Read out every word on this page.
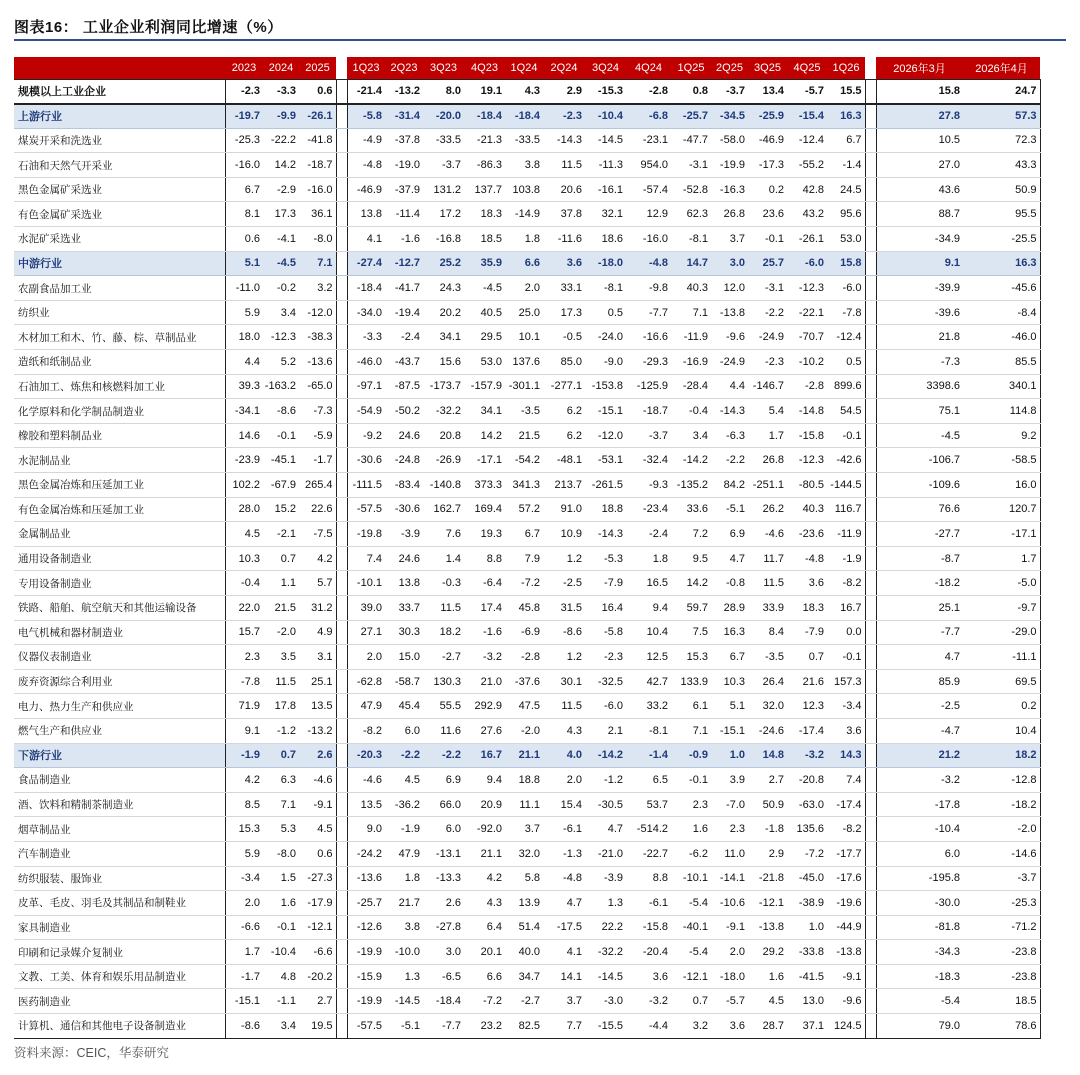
图表16： 工业企业利润同比增速（%）
	2023	2024	2025		1Q23	2Q23	3Q23	4Q23	1Q24	2Q24	3Q24	4Q24	1Q25	2Q25	3Q25	4Q25	1Q26		2026年3月	2026年4月
规模以上工业企业	-2.3	-3.3	0.6		-21.4	-13.2	8.0	19.1	4.3	2.9	-15.3	-2.8	0.8	-3.7	13.4	-5.7	15.5		15.8	24.7
上游行业	-19.7	-9.9	-26.1		-5.8	-31.4	-20.0	-18.4	-18.4	-2.3	-10.4	-6.8	-25.7	-34.5	-25.9	-15.4	16.3		27.8	57.3
煤炭开采和洗选业	-25.3	-22.2	-41.8		-4.9	-37.8	-33.5	-21.3	-33.5	-14.3	-14.5	-23.1	-47.7	-58.0	-46.9	-12.4	6.7		10.5	72.3
石油和天然气开采业	-16.0	14.2	-18.7		-4.8	-19.0	-3.7	-86.3	3.8	11.5	-11.3	954.0	-3.1	-19.9	-17.3	-55.2	-1.4		27.0	43.3
黑色金属矿采选业	6.7	-2.9	-16.0		-46.9	-37.9	131.2	137.7	103.8	20.6	-16.1	-57.4	-52.8	-16.3	0.2	42.8	24.5		43.6	50.9
有色金属矿采选业	8.1	17.3	36.1		13.8	-11.4	17.2	18.3	-14.9	37.8	32.1	12.9	62.3	26.8	23.6	43.2	95.6		88.7	95.5
水泥矿采选业	0.6	-4.1	-8.0		4.1	-1.6	-16.8	18.5	1.8	-11.6	18.6	-16.0	-8.1	3.7	-0.1	-26.1	53.0		-34.9	-25.5
中游行业	5.1	-4.5	7.1		-27.4	-12.7	25.2	35.9	6.6	3.6	-18.0	-4.8	14.7	3.0	25.7	-6.0	15.8		9.1	16.3
农副食品加工业	-11.0	-0.2	3.2		-18.4	-41.7	24.3	-4.5	2.0	33.1	-8.1	-9.8	40.3	12.0	-3.1	-12.3	-6.0		-39.9	-45.6
纺织业	5.9	3.4	-12.0		-34.0	-19.4	20.2	40.5	25.0	17.3	0.5	-7.7	7.1	-13.8	-2.2	-22.1	-7.8		-39.6	-8.4
木材加工和木、竹、藤、棕、草制品业	18.0	-12.3	-38.3		-3.3	-2.4	34.1	29.5	10.1	-0.5	-24.0	-16.6	-11.9	-9.6	-24.9	-70.7	-12.4		21.8	-46.0
造纸和纸制品业	4.4	5.2	-13.6		-46.0	-43.7	15.6	53.0	137.6	85.0	-9.0	-29.3	-16.9	-24.9	-2.3	-10.2	0.5		-7.3	85.5
石油加工、炼焦和核燃料加工业	39.3	-163.2	-65.0		-97.1	-87.5	-173.7	-157.9	-301.1	-277.1	-153.8	-125.9	-28.4	4.4	-146.7	-2.8	899.6		3398.6	340.1
化学原料和化学制品制造业	-34.1	-8.6	-7.3		-54.9	-50.2	-32.2	34.1	-3.5	6.2	-15.1	-18.7	-0.4	-14.3	5.4	-14.8	54.5		75.1	114.8
橡胶和塑料制品业	14.6	-0.1	-5.9		-9.2	24.6	20.8	14.2	21.5	6.2	-12.0	-3.7	3.4	-6.3	1.7	-15.8	-0.1		-4.5	9.2
水泥制品业	-23.9	-45.1	-1.7		-30.6	-24.8	-26.9	-17.1	-54.2	-48.1	-53.1	-32.4	-14.2	-2.2	26.8	-12.3	-42.6		-106.7	-58.5
黑色金属冶炼和压延加工业	102.2	-67.9	265.4		-111.5	-83.4	-140.8	373.3	341.3	213.7	-261.5	-9.3	-135.2	84.2	-251.1	-80.5	-144.5		-109.6	16.0
有色金属冶炼和压延加工业	28.0	15.2	22.6		-57.5	-30.6	162.7	169.4	57.2	91.0	18.8	-23.4	33.6	-5.1	26.2	40.3	116.7		76.6	120.7
金属制品业	4.5	-2.1	-7.5		-19.8	-3.9	7.6	19.3	6.7	10.9	-14.3	-2.4	7.2	6.9	-4.6	-23.6	-11.9		-27.7	-17.1
通用设备制造业	10.3	0.7	4.2		7.4	24.6	1.4	8.8	7.9	1.2	-5.3	1.8	9.5	4.7	11.7	-4.8	-1.9		-8.7	1.7
专用设备制造业	-0.4	1.1	5.7		-10.1	13.8	-0.3	-6.4	-7.2	-2.5	-7.9	16.5	14.2	-0.8	11.5	3.6	-8.2		-18.2	-5.0
铁路、船舶、航空航天和其他运输设备	22.0	21.5	31.2		39.0	33.7	11.5	17.4	45.8	31.5	16.4	9.4	59.7	28.9	33.9	18.3	16.7		25.1	-9.7
电气机械和器材制造业	15.7	-2.0	4.9		27.1	30.3	18.2	-1.6	-6.9	-8.6	-5.8	10.4	7.5	16.3	8.4	-7.9	0.0		-7.7	-29.0
仪器仪表制造业	2.3	3.5	3.1		2.0	15.0	-2.7	-3.2	-2.8	1.2	-2.3	12.5	15.3	6.7	-3.5	0.7	-0.1		4.7	-11.1
废弃资源综合利用业	-7.8	11.5	25.1		-62.8	-58.7	130.3	21.0	-37.6	30.1	-32.5	42.7	133.9	10.3	26.4	21.6	157.3		85.9	69.5
电力、热力生产和供应业	71.9	17.8	13.5		47.9	45.4	55.5	292.9	47.5	11.5	-6.0	33.2	6.1	5.1	32.0	12.3	-3.4		-2.5	0.2
燃气生产和供应业	9.1	-1.2	-13.2		-8.2	6.0	11.6	27.6	-2.0	4.3	2.1	-8.1	7.1	-15.1	-24.6	-17.4	3.6		-4.7	10.4
下游行业	-1.9	0.7	2.6		-20.3	-2.2	-2.2	16.7	21.1	4.0	-14.2	-1.4	-0.9	1.0	14.8	-3.2	14.3		21.2	18.2
食品制造业	4.2	6.3	-4.6		-4.6	4.5	6.9	9.4	18.8	2.0	-1.2	6.5	-0.1	3.9	2.7	-20.8	7.4		-3.2	-12.8
酒、饮料和精制茶制造业	8.5	7.1	-9.1		13.5	-36.2	66.0	20.9	11.1	15.4	-30.5	53.7	2.3	-7.0	50.9	-63.0	-17.4		-17.8	-18.2
烟草制品业	15.3	5.3	4.5		9.0	-1.9	6.0	-92.0	3.7	-6.1	4.7	-514.2	1.6	2.3	-1.8	135.6	-8.2		-10.4	-2.0
汽车制造业	5.9	-8.0	0.6		-24.2	47.9	-13.1	21.1	32.0	-1.3	-21.0	-22.7	-6.2	11.0	2.9	-7.2	-17.7		6.0	-14.6
纺织服装、服饰业	-3.4	1.5	-27.3		-13.6	1.8	-13.3	4.2	5.8	-4.8	-3.9	8.8	-10.1	-14.1	-21.8	-45.0	-17.6		-195.8	-3.7
皮革、毛皮、羽毛及其制品和制鞋业	2.0	1.6	-17.9		-25.7	21.7	2.6	4.3	13.9	4.7	1.3	-6.1	-5.4	-10.6	-12.1	-38.9	-19.6		-30.0	-25.3
家具制造业	-6.6	-0.1	-12.1		-12.6	3.8	-27.8	6.4	51.4	-17.5	22.2	-15.8	-40.1	-9.1	-13.8	1.0	-44.9		-81.8	-71.2
印刷和记录媒介复制业	1.7	-10.4	-6.6		-19.9	-10.0	3.0	20.1	40.0	4.1	-32.2	-20.4	-5.4	2.0	29.2	-33.8	-13.8		-34.3	-23.8
文教、工美、体育和娱乐用品制造业	-1.7	4.8	-20.2		-15.9	1.3	-6.5	6.6	34.7	14.1	-14.5	3.6	-12.1	-18.0	1.6	-41.5	-9.1		-18.3	-23.8
医药制造业	-15.1	-1.1	2.7		-19.9	-14.5	-18.4	-7.2	-2.7	3.7	-3.0	-3.2	0.7	-5.7	4.5	13.0	-9.6		-5.4	18.5
计算机、通信和其他电子设备制造业	-8.6	3.4	19.5		-57.5	-5.1	-7.7	23.2	82.5	7.7	-15.5	-4.4	3.2	3.6	28.7	37.1	124.5		79.0	78.6
资料来源：CEIC，华泰研究
